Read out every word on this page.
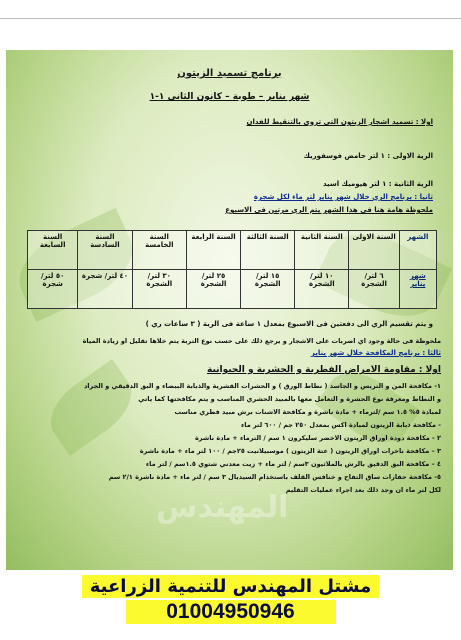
المهندس
برنامج تسميد الزيتون
شهر يناير – طوبة – كانون الثانى ١-١
اولا : تسميد اشجار الزيتون التى تروى بالتنقيط للفدان
الرية الاولى : ١ لتر حامض فوسفوريك
الرية الثانية : ١ لتر هيوميك اسيد
ثانيا : برنامج الري خلال شهر يناير لتر ماء لكل شجرة
ملحوظة هامة هنا فى هذا الشهر يتم الري مرتين فى الاسبوع
الشهر	السنة الاولى	السنة الثانية	السنة الثالثة	السنة الرابعة	السنة الخامسة	السنة السادسة	السنة السابعة
شهر يناير	٦ لتر/ الشجرة	١٠ لتر/ الشجرة	١٥ لتر/ الشجرة	٢٥ لتر/ الشجرة	٣٠ لتر/ الشجرة	٤٠ لتر/ شجرة	٥٠ لتر/ شجرة
و يتم تقسيم الري الى دفعتين فى الاسبوع بمعدل ١ ساعة فى الرية ( ٣ ساعات ري )
ملحوظة فى حالة وجود اي اضربات على الاشجار و يرجع ذلك على حسب نوع التربة يتم خلاها تقليل او زيادة المياة
ثالثا : برنامج المكافحة خلال شهر يناير
اولا : مقاومة الامراض الفطرية و الحشرية و الحيوانية
١- مكافحة المن و التربس و الجاسد ( نطاط الورق ) و الحشرات القشرية والذبابة البيضاء و البق الدقيقي و الجراد
و النطاط ومعرفة نوع الحشرة و التعامل معها بالمبيد الحشري المناسب و يتم مكافحتها كما ياتي
لمبادة ٥% ١.٥ سم /لترماء + مادة ناشرة و مكافحة الاشنات برش مبيد فطري مناسب
- مكافحة ذبابة الزيتون لمبادة اكس بمعدل ٢٥٠ جم / ٦٠٠ لتر ماء
٢ - مكافحة دودة اوراق الزيتون الاخضر سليكرون ١ سم / الترماء + مادة ناشرة
٣ – مكافحة ناخرات اوراق الزيتون ( عتة الزيتون ) موسبيلانيت ٢٥جم / ١٠٠ لتر ماء + مادة ناشرة
٤ – مكافحة البق الدقيق بالرش بالملاثيون ٣سم / لتر ماء + زيت معدني شتوي ١.٥سم / لتر ماء
٥- مكافحة حفارات ساق التفاح و خنافس القلف باستخدام السيديال ٣ سم / لتر ماء + مادة ناشرة ٢/١ سم
لكل لتر ماء ان وجد ذلك بعد اجراء عمليات التقليم
مشتل المهندس للتنمية الزراعية
01004950946
